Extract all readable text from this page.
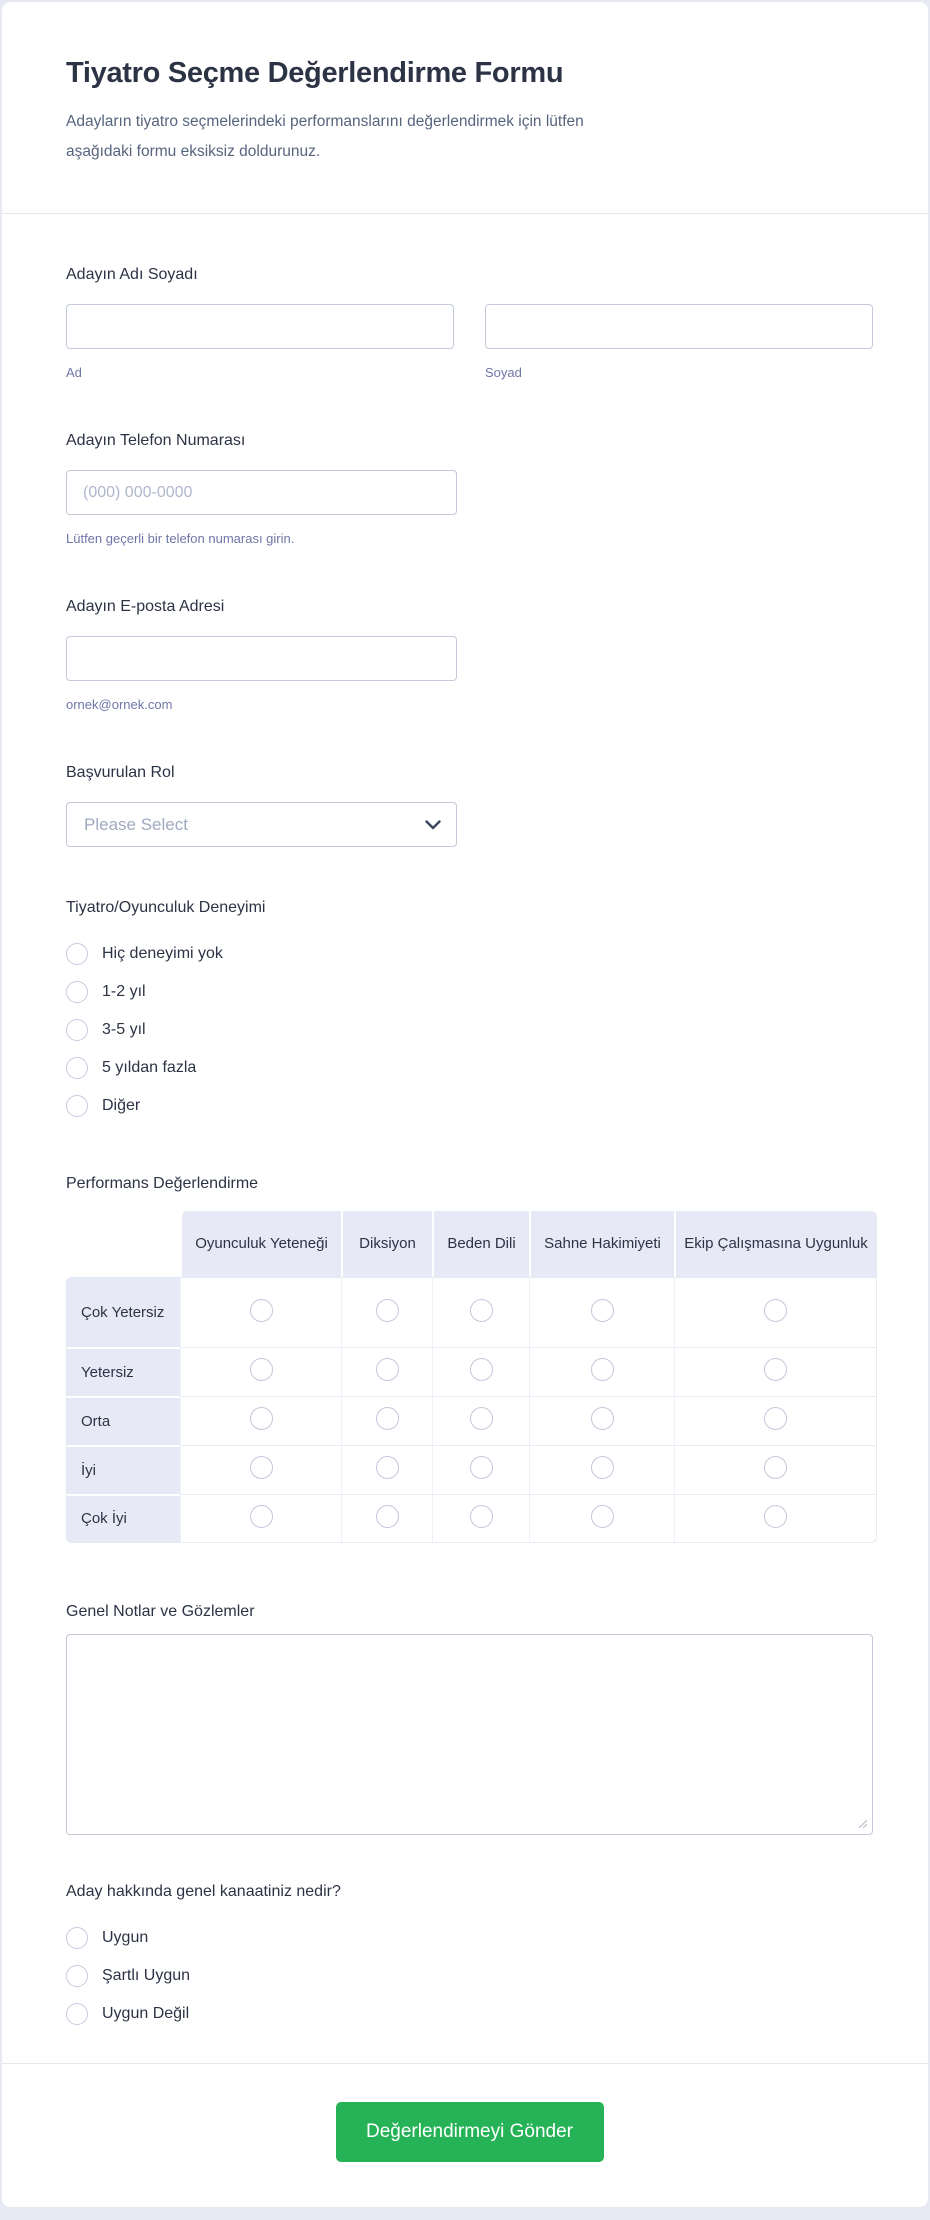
Tiyatro Seçme Değerlendirme Formu
Adayların tiyatro seçmelerindeki performanslarını değerlendirmek için lütfen aşağıdaki formu eksiksiz doldurunuz.
Adayın Adı Soyadı
Ad	Soyad
Adayın Telefon Numarası
(000) 000-0000
Lütfen geçerli bir telefon numarası girin.
Adayın E-posta Adresi
ornek@ornek.com
Başvurulan Rol
Please Select
Tiyatro/Oyunculuk Deneyimi
Hiç deneyimi yok
1-2 yıl
3-5 yıl
5 yıldan fazla
Diğer
Performans Değerlendirme
	Oyunculuk Yeteneği	Diksiyon	Beden Dili	Sahne Hakimiyeti	Ekip Çalışmasına Uygunluk
Çok Yetersiz					
Yetersiz					
Orta					
İyi					
Çok İyi					
Genel Notlar ve Gözlemler
Aday hakkında genel kanaatiniz nedir?
Uygun
Şartlı Uygun
Uygun Değil
Değerlendirmeyi Gönder
